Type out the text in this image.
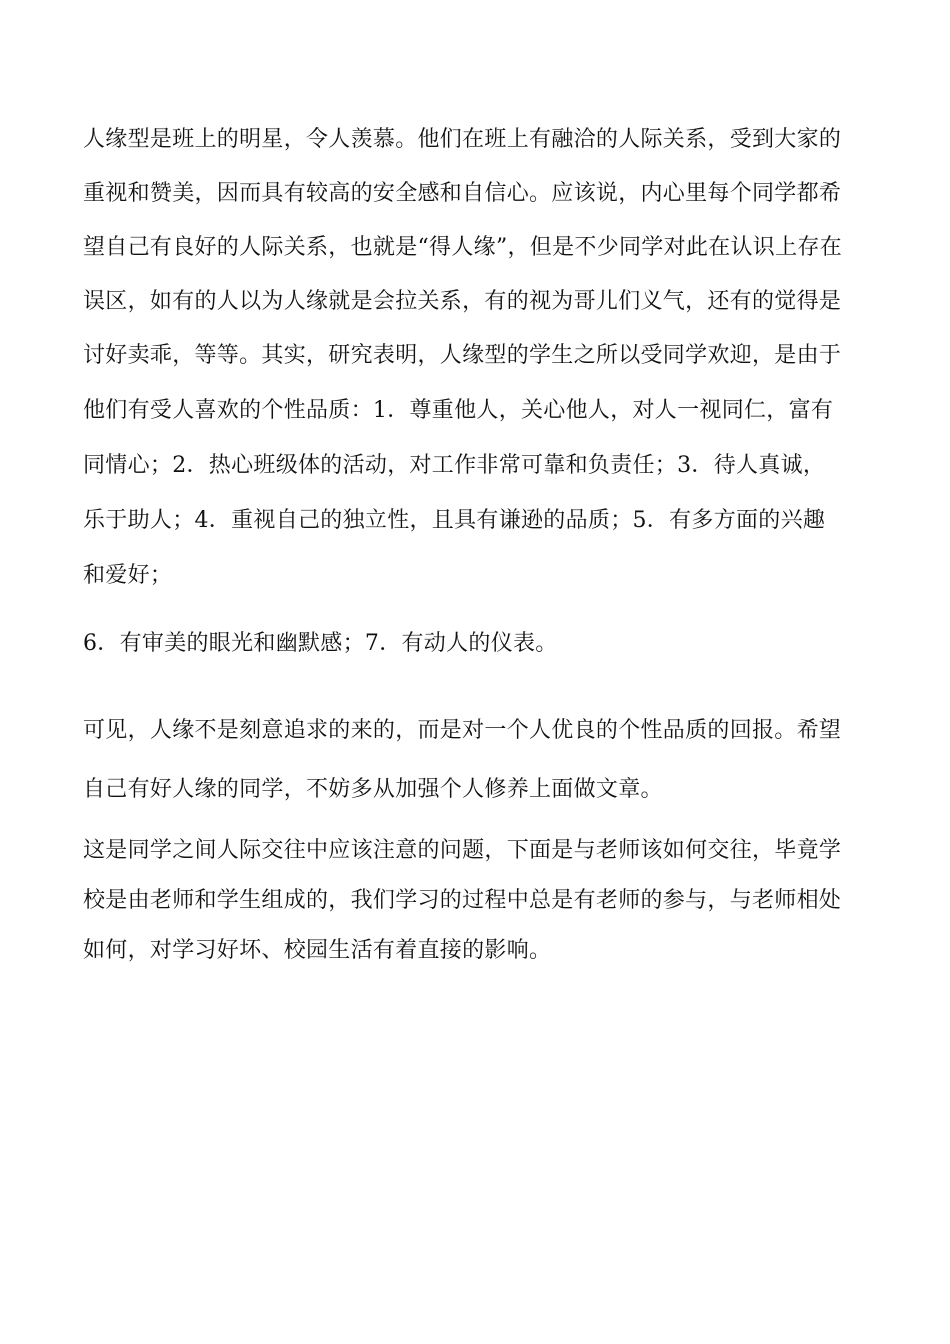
人缘型是班上的明星，令人羡慕。他们在班上有融洽的人际关系，受到大家的
重视和赞美，因而具有较高的安全感和自信心。应该说，内心里每个同学都希
望自己有良好的人际关系，也就是“得人缘”，但是不少同学对此在认识上存在
误区，如有的人以为人缘就是会拉关系，有的视为哥儿们义气，还有的觉得是
讨好卖乖，等等。其实，研究表明，人缘型的学生之所以受同学欢迎，是由于
他们有受人喜欢的个性品质：1．尊重他人，关心他人，对人一视同仁，富有
同情心；2．热心班级体的活动，对工作非常可靠和负责任；3．待人真诚，
乐于助人；4．重视自己的独立性，且具有谦逊的品质；5．有多方面的兴趣
和爱好；
6．有审美的眼光和幽默感；7．有动人的仪表。
可见，人缘不是刻意追求的来的，而是对一个人优良的个性品质的回报。希望
自己有好人缘的同学，不妨多从加强个人修养上面做文章。
这是同学之间人际交往中应该注意的问题，下面是与老师该如何交往，毕竟学
校是由老师和学生组成的，我们学习的过程中总是有老师的参与，与老师相处
如何，对学习好坏、校园生活有着直接的影响。
